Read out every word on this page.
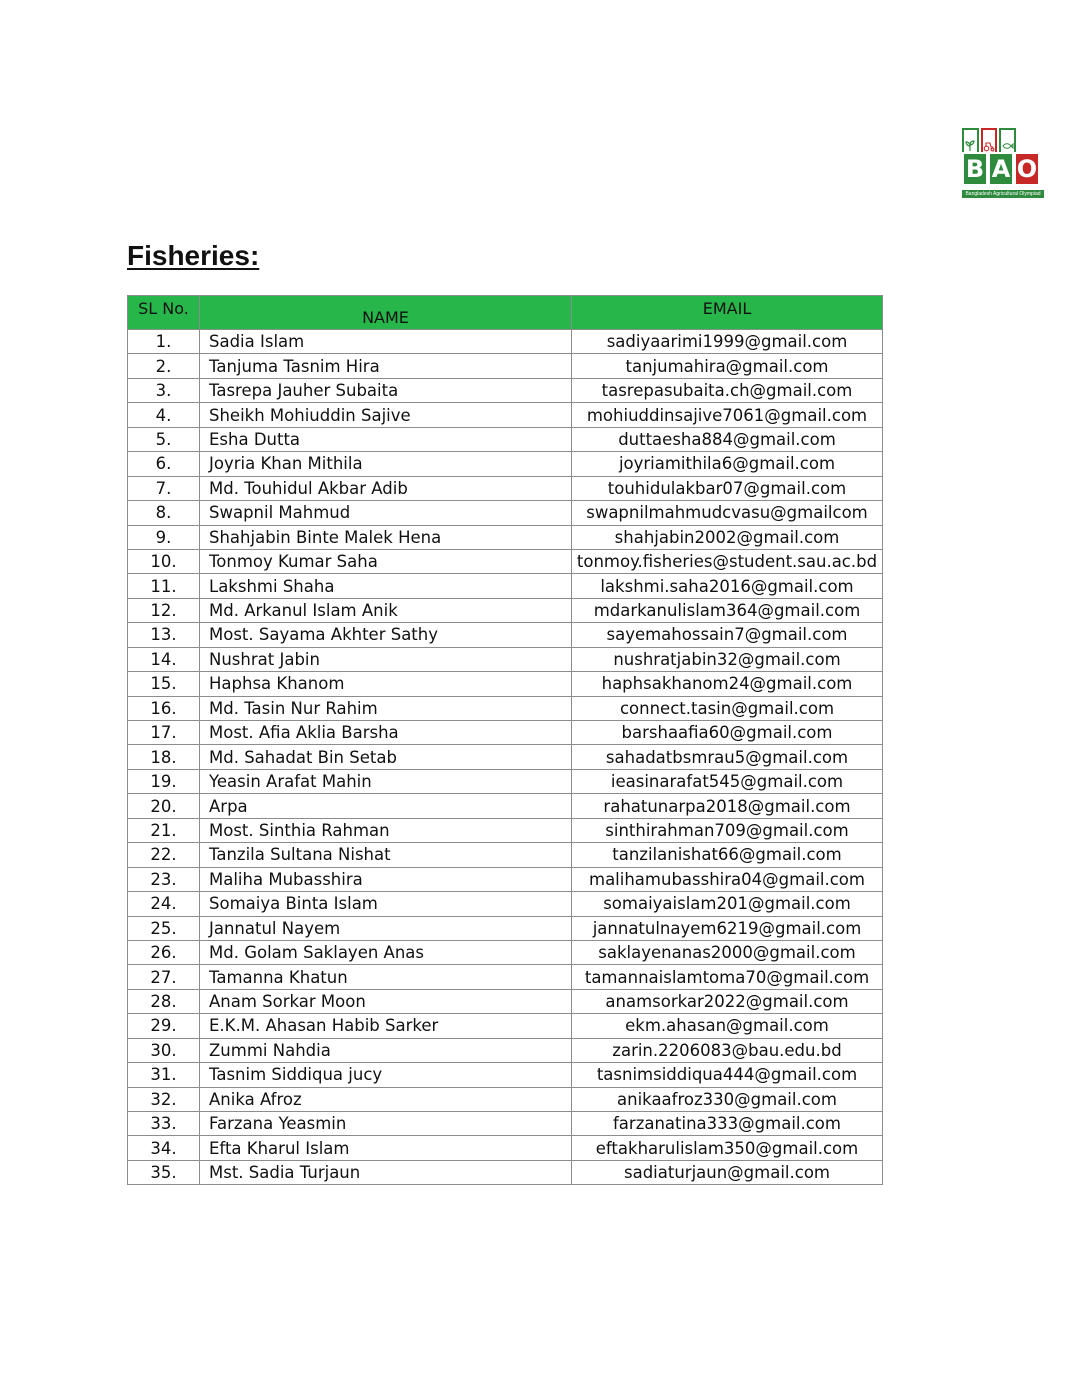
B A O
Bangladesh Agricultural Olympiad
Fisheries:
SL No.	NAME	EMAIL
1.	Sadia Islam	sadiyaarimi1999@gmail.com
2.	Tanjuma Tasnim Hira	tanjumahira@gmail.com
3.	Tasrepa Jauher Subaita	tasrepasubaita.ch@gmail.com
4.	Sheikh Mohiuddin Sajive	mohiuddinsajive7061@gmail.com
5.	Esha Dutta	duttaesha884@gmail.com
6.	Joyria Khan Mithila	joyriamithila6@gmail.com
7.	Md. Touhidul Akbar Adib	touhidulakbar07@gmail.com
8.	Swapnil Mahmud	swapnilmahmudcvasu@gmailcom
9.	Shahjabin Binte Malek Hena	shahjabin2002@gmail.com
10.	Tonmoy Kumar Saha	tonmoy.fisheries@student.sau.ac.bd
11.	Lakshmi Shaha	lakshmi.saha2016@gmail.com
12.	Md. Arkanul Islam Anik	mdarkanulislam364@gmail.com
13.	Most. Sayama Akhter Sathy	sayemahossain7@gmail.com
14.	Nushrat Jabin	nushratjabin32@gmail.com
15.	Haphsa Khanom	haphsakhanom24@gmail.com
16.	Md. Tasin Nur Rahim	connect.tasin@gmail.com
17.	Most. Afia Aklia Barsha	barshaafia60@gmail.com
18.	Md. Sahadat Bin Setab	sahadatbsmrau5@gmail.com
19.	Yeasin Arafat Mahin	ieasinarafat545@gmail.com
20.	Arpa	rahatunarpa2018@gmail.com
21.	Most. Sinthia Rahman	sinthirahman709@gmail.com
22.	Tanzila Sultana Nishat	tanzilanishat66@gmail.com
23.	Maliha Mubasshira	malihamubasshira04@gmail.com
24.	Somaiya Binta Islam	somaiyaislam201@gmail.com
25.	Jannatul Nayem	jannatulnayem6219@gmail.com
26.	Md. Golam Saklayen Anas	saklayenanas2000@gmail.com
27.	Tamanna Khatun	tamannaislamtoma70@gmail.com
28.	Anam Sorkar Moon	anamsorkar2022@gmail.com
29.	E.K.M. Ahasan Habib Sarker	ekm.ahasan@gmail.com
30.	Zummi Nahdia	zarin.2206083@bau.edu.bd
31.	Tasnim Siddiqua jucy	tasnimsiddiqua444@gmail.com
32.	Anika Afroz	anikaafroz330@gmail.com
33.	Farzana Yeasmin	farzanatina333@gmail.com
34.	Efta Kharul Islam	eftakharulislam350@gmail.com
35.	Mst. Sadia Turjaun	sadiaturjaun@gmail.com
